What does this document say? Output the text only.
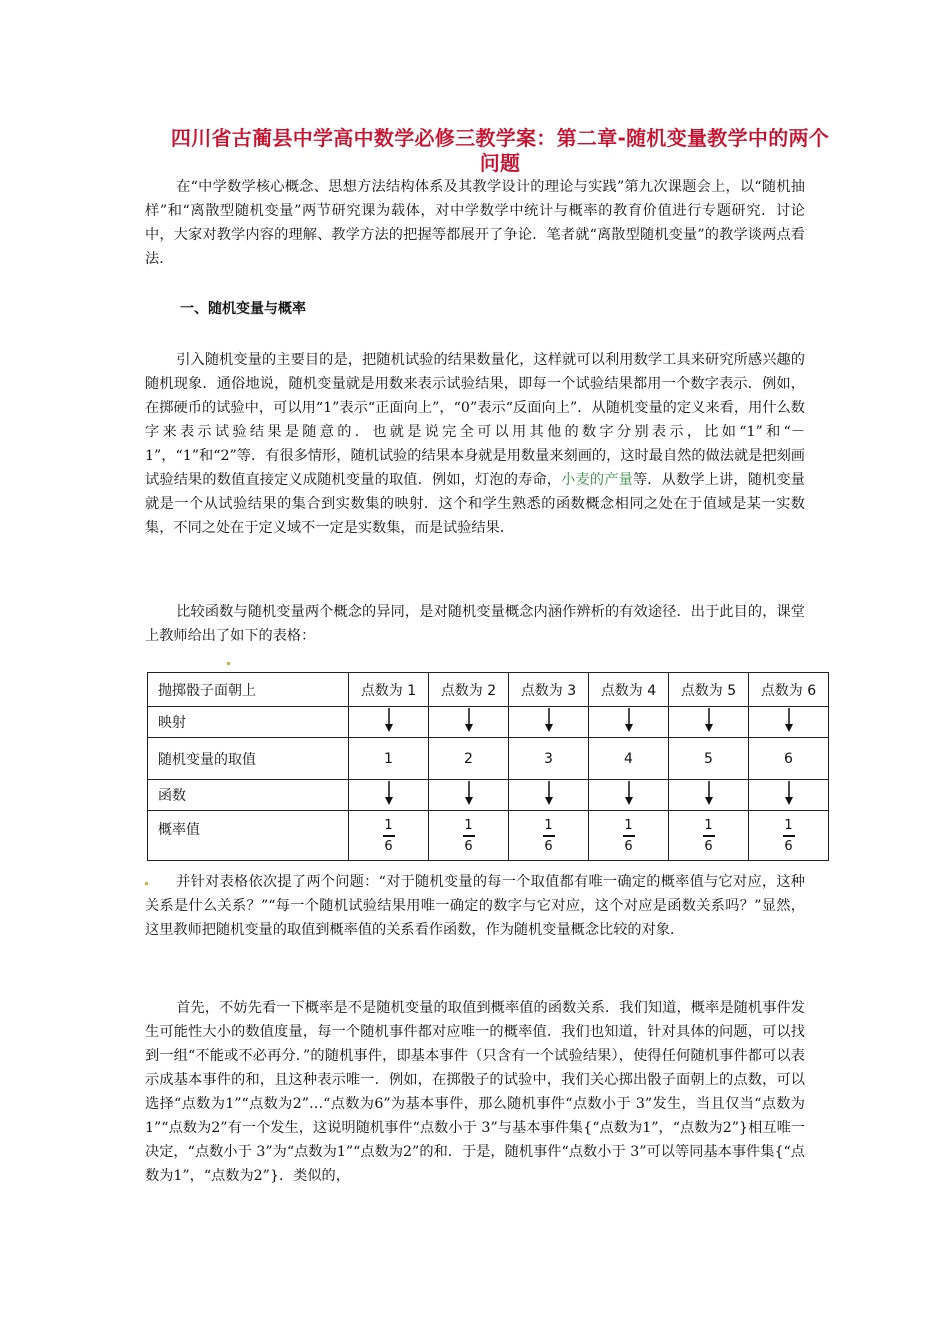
四川省古蔺县中学高中数学必修三教学案：第二章-随机变量教学中的两个问题

在“中学数学核心概念、思想方法结构体系及其教学设计的理论与实践”第九次课题会上，以“随机抽样”和“离散型随机变量”两节研究课为载体，对中学数学中统计与概率的教育价值进行专题研究．讨论中，大家对教学内容的理解、教学方法的把握等都展开了争论．笔者就“离散型随机变量”的教学谈两点看法．

一、随机变量与概率

引入随机变量的主要目的是，把随机试验的结果数量化，这样就可以利用数学工具来研究所感兴趣的随机现象．通俗地说，随机变量就是用数来表示试验结果，即每一个试验结果都用一个数字表示．例如，在掷硬币的试验中，可以用“1”表示“正面向上”，“0”表示“反面向上”．从随机变量的定义来看，用什么数字来表示试验结果是随意的．也就是说完全可以用其他的数字分别表示，比如“1”和“－1”，“1”和“2”等．有很多情形，随机试验的结果本身就是用数量来刻画的，这时最自然的做法就是把刻画试验结果的数值直接定义成随机变量的取值．例如，灯泡的寿命，小麦的产量等．从数学上讲，随机变量就是一个从试验结果的集合到实数集的映射．这个和学生熟悉的函数概念相同之处在于值域是某一实数集，不同之处在于定义域不一定是实数集，而是试验结果．

比较函数与随机变量两个概念的异同，是对随机变量概念内涵作辨析的有效途径．出于此目的，课堂上教师给出了如下的表格：

抛掷骰子面朝上	点数为 1	点数为 2	点数为 3	点数为 4	点数为 5	点数为 6
映射						
随机变量的取值	1	2	3	4	5	6
函数						
概率值	$\frac{1}{6}$	$\frac{1}{6}$	$\frac{1}{6}$	$\frac{1}{6}$	$\frac{1}{6}$	$\frac{1}{6}$

并针对表格依次提了两个问题：“对于随机变量的每一个取值都有唯一确定的概率值与它对应，这种关系是什么关系？”“每一个随机试验结果用唯一确定的数字与它对应，这个对应是函数关系吗？”显然，这里教师把随机变量的取值到概率值的关系看作函数，作为随机变量概念比较的对象．

首先，不妨先看一下概率是不是随机变量的取值到概率值的函数关系．我们知道，概率是随机事件发生可能性大小的数值度量，每一个随机事件都对应唯一的概率值．我们也知道，针对具体的问题，可以找到一组“不能或不必再分．”的随机事件，即基本事件（只含有一个试验结果），使得任何随机事件都可以表示成基本事件的和，且这种表示唯一．例如，在掷骰子的试验中，我们关心掷出骰子面朝上的点数，可以选择“点数为1”“点数为2”…“点数为6”为基本事件，那么随机事件“点数小于 3”发生，当且仅当“点数为1”“点数为2”有一个发生，这说明随机事件“点数小于 3”与基本事件集{“点数为1”，“点数为2”}相互唯一决定，“点数小于 3”为“点数为1”“点数为2”的和．于是，随机事件“点数小于 3”可以等同基本事件集{“点数为1”，“点数为2”}．类似的，
